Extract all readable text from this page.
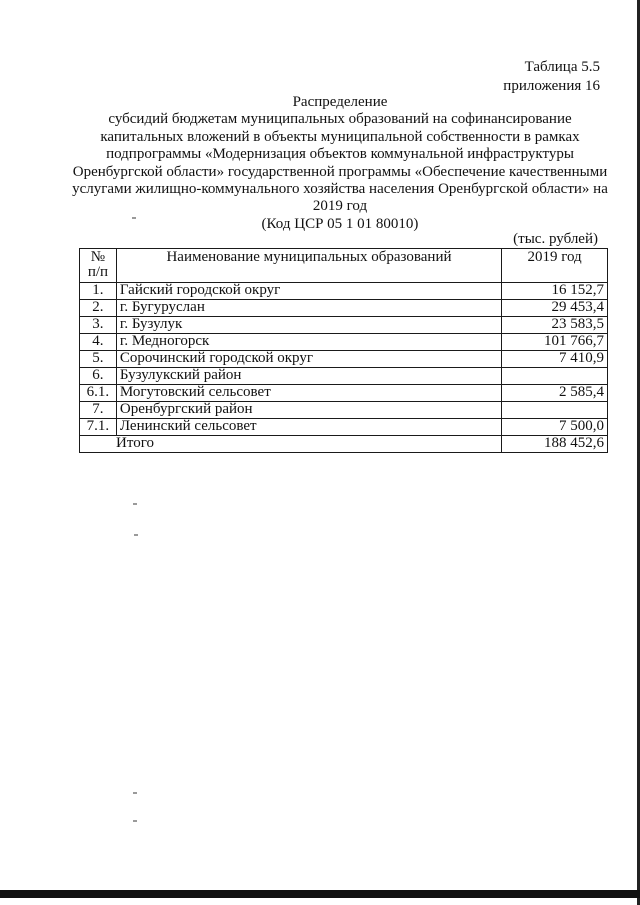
Таблица 5.5
приложения 16
Распределение
субсидий бюджетам муниципальных образований на софинансирование капитальных вложений в объекты муниципальной собственности в рамках подпрограммы «Модернизация объектов коммунальной инфраструктуры Оренбургской области» государственной программы «Обеспечение качественными услугами жилищно-коммунального хозяйства населения Оренбургской области» на 2019 год
(Код ЦСР 05 1 01 80010)
(тыс. рублей)
№
п/п	Наименование муниципальных образований	2019 год
1.	Гайский городской округ	16 152,7
2.	г. Бугуруслан	29 453,4
3.	г. Бузулук	23 583,5
4.	г. Медногорск	101 766,7
5.	Сорочинский городской округ	7 410,9
6.	Бузулукский район	
6.1.	Могутовский сельсовет	2 585,4
7.	Оренбургский район	
7.1.	Ленинский сельсовет	7 500,0
Итого		188 452,6
